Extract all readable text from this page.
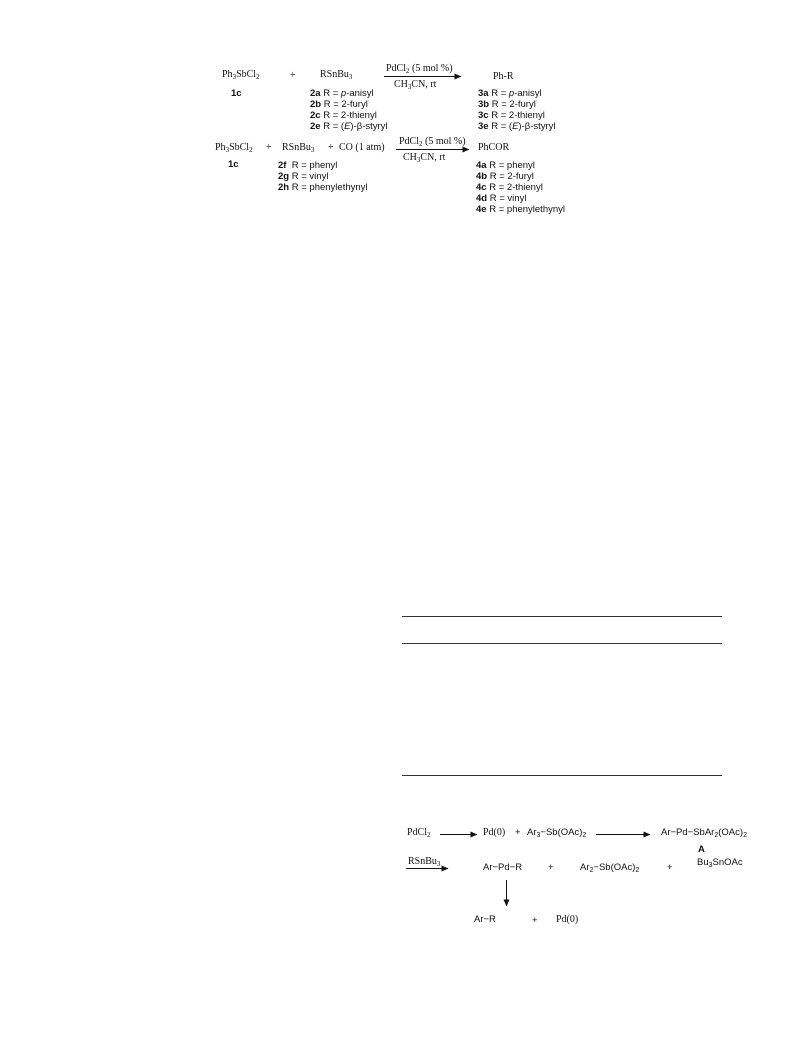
$Ph_3SbCl_2$
1c
+ RSnBu$_3$
PdCl$_2$ (5 mol %)
$CH_3CN$, rt
Ph-R
2a R = p-anisyl
2b R = 2-furyl
2c R = 2-thienyl
2e R = (E)-β-styryl
3a R = p-anisyl
3b R = 2-furyl
3c R = 2-thienyl
3e R = (E)-β-styryl
$Ph_3SbCl_2$
1c
+ RSnBu$_3$ + CO (1 atm)
PdCl$_2$ (5 mol %)
$CH_3CN$, rt
PhCOR
2f  R = phenyl
2g R = vinyl
2h R = phenylethynyl
4a R = phenyl
4b R = 2-furyl
4c R = 2-thienyl
4d R = vinyl
4e R = phenylethynyl
PdCl$_2$	$Pd(0) + Ar_3-Sb(OAc)_2$	$Ar-Pd-SbAr_2(OAc)_2$
A
RSnBu$_3$	Ar−Pd−R	+	$Ar_2-Sb(OAc)_2$	+	$Bu_3SnOAc$
Ar−R	+ Pd(0)
